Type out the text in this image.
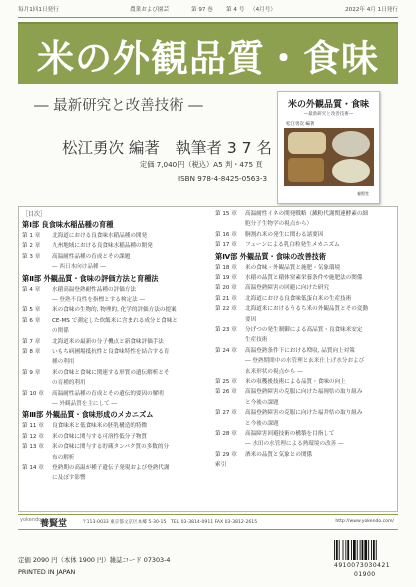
毎月1回1日発行	農業および園芸	第 97 巻 第 4 号 （4月号）	2022年 4月 1日発行
米の外観品質・食味
― 最新研究と改善技術 ―	米の外観品質・食味
―最新研究と改善技術―
松江勇次 編著
養賢堂
松江勇次 編著　執筆者 3 7 名
定価 7,040円（税込）A5 判・475 頁
ISBN 978-4-8425-0563-3
［目次］
第Ⅰ部 良食味水稲品種の育種
第 1 章 北海道における良食味水稲品種の開発
第 2 章 九州地域における良食味水稲品種の開発
第 3 章 高温耐性品種の育成とその課題
― 西日本向け品種 ―
第Ⅱ部 外観品質・食味の評価方法と育種法
第 4 章 水稲高温登熟耐性品種の評価方法
― 登熟不良性を指標とする検定法 ―
第 5 章 米の食味の生物的, 物理的, 化学的評価方法の提案
第 6 章 CE-MS で測定した炊飯米に含まれる成分と食味と
の関係
第 7 章 北海道米の最新の分子機点と新食味評価手法
第 8 章 いもち病圃場抵抗性と良食味特性を結合する育
種の利用
第 9 章 米の食味と食味に関連する形質の遺伝解析とそ
の育種的利用
第 10 章 高温耐性品種の育成とその遺伝的要因の解明
― 外観品質を主にして ―
第Ⅲ部 外観品質・食味形成のメカニズム
第 11 章 良食味米と低食味米の胚乳構造的特徴
第 12 章 米の食味に関与する可溶性低分子物質
第 13 章 米の食味に関与する貯蔵タンパク質の多数的分
布の解析
第 14 章 登熟期の高温が種子遺伝子発現および登熟代謝
に及ぼす影響
第 15 章 高温耐性イネの開発戦略（澱粉代謝関連酵素の細
胞分子生物学の視点から）
第 16 章 胴割れ米の発生に関わる諸要因
第 17 章 フェーンによる乳白粒発生メカニズム
第Ⅳ部 外観品質・食味の改善技術
第 18 章 米の食味・外観品質と施肥・気象環境
第 19 章 水稲の品質と稲体窒素栄養条件や施肥法の関係
第 20 章 高温登熟障害の回避に向けた研究
第 21 章 北海道における良食味低蛋白米の生産技術
第 22 章 北海道米におけるうるち米の外観品質とその変動
要因
第 23 章 分げつの発生制御による高品質・良食味米安定
生産技術
第 24 章 高温登熟条件下における増収, 品質向上対策
― 登熟期間中の水管理と玄米仕上げ水分および
玄米形状の視点から ―
第 25 章 米の収穫後技術による品質・食味の向上
第 26 章 高温登熟障害の克服に向けた福岡県の取り組み
と今後の課題
第 27 章 高温登熟障害の克服に向けた福井県の取り組み
と今後の課題
第 28 章 高温障害回避技術の構築を目指して
― 水田の水管理による熱環境の改善 ―
第 29 章 酒米の品質と気象との関係
索引
yokendo
養賢堂	〒113-0033 東京都文京区本郷 5-30-15　TEL 03-3814-0911 FAX 03-3812-2615	http://www.yokendo.com/
定価 2090 円（本体 1900 円）雑誌コード 07303-4
PRINTED IN JAPAN
4910073030421
01900
